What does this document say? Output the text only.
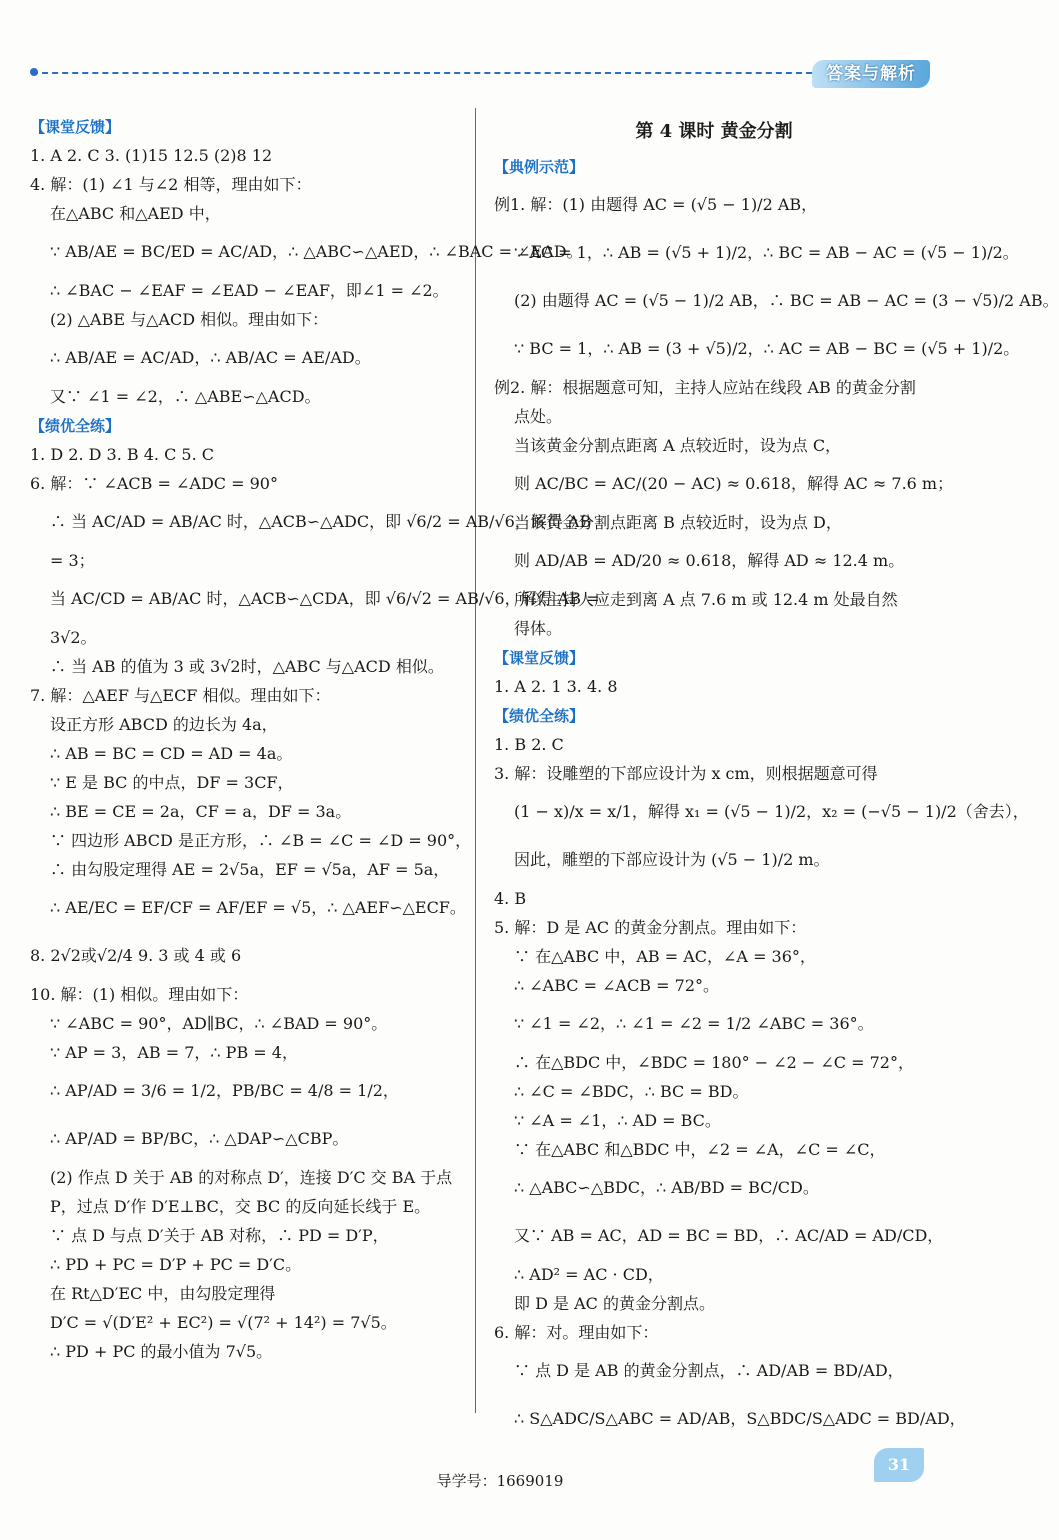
答案与解析
【课堂反馈】
1. A 2. C 3. (1)15 12.5 (2)8 12
4. 解：(1) ∠1 与∠2 相等，理由如下：
在△ABC 和△AED 中，
∵ AB/AE = BC/ED = AC/AD，∴ △ABC∽△AED，∴ ∠BAC = ∠EAD。
∴ ∠BAC − ∠EAF = ∠EAD − ∠EAF，即∠1 = ∠2。
(2) △ABE 与△ACD 相似。理由如下：
∴ AB/AE = AC/AD，∴ AB/AC = AE/AD。
又∵ ∠1 = ∠2，∴ △ABE∽△ACD。
【绩优全练】
1. D 2. D 3. B 4. C 5. C
6. 解：∵ ∠ACB = ∠ADC = 90°
∴ 当 AC/AD = AB/AC 时，△ACB∽△ADC，即 √6/2 = AB/√6，解得 AB
= 3；
当 AC/CD = AB/AC 时，△ACB∽△CDA，即 √6/√2 = AB/√6，解得 AB =
3√2。
∴ 当 AB 的值为 3 或 3√2时，△ABC 与△ACD 相似。
7. 解：△AEF 与△ECF 相似。理由如下：
设正方形 ABCD 的边长为 4a，
∴ AB = BC = CD = AD = 4a。
∵ E 是 BC 的中点，DF = 3CF，
∴ BE = CE = 2a，CF = a，DF = 3a。
∵ 四边形 ABCD 是正方形，∴ ∠B = ∠C = ∠D = 90°，
∴ 由勾股定理得 AE = 2√5a，EF = √5a，AF = 5a，
∴ AE/EC = EF/CF = AF/EF = √5，∴ △AEF∽△ECF。
8. 2√2或√2/4 9. 3 或 4 或 6
10. 解：(1) 相似。理由如下：
∵ ∠ABC = 90°，AD∥BC，∴ ∠BAD = 90°。
∵ AP = 3，AB = 7，∴ PB = 4，
∴ AP/AD = 3/6 = 1/2，PB/BC = 4/8 = 1/2，
∴ AP/AD = BP/BC，∴ △DAP∽△CBP。
(2) 作点 D 关于 AB 的对称点 D′，连接 D′C 交 BA 于点
P，过点 D′作 D′E⊥BC，交 BC 的反向延长线于 E。
∵ 点 D 与点 D′关于 AB 对称，∴ PD = D′P，
∴ PD + PC = D′P + PC = D′C。
在 Rt△D′EC 中，由勾股定理得
D′C = √(D′E² + EC²) = √(7² + 14²) = 7√5。
∴ PD + PC 的最小值为 7√5。
第 4 课时 黄金分割
【典例示范】
例1. 解：(1) 由题得 AC = (√5 − 1)/2 AB，
∵ AC = 1，∴ AB = (√5 + 1)/2，∴ BC = AB − AC = (√5 − 1)/2。
(2) 由题得 AC = (√5 − 1)/2 AB，∴ BC = AB − AC = (3 − √5)/2 AB。
∵ BC = 1，∴ AB = (3 + √5)/2，∴ AC = AB − BC = (√5 + 1)/2。
例2. 解：根据题意可知，主持人应站在线段 AB 的黄金分割
点处。
当该黄金分割点距离 A 点较近时，设为点 C，
则 AC/BC = AC/(20 − AC) ≈ 0.618，解得 AC ≈ 7.6 m；
当该黄金分割点距离 B 点较近时，设为点 D，
则 AD/AB = AD/20 ≈ 0.618，解得 AD ≈ 12.4 m。
所以主持人应走到离 A 点 7.6 m 或 12.4 m 处最自然
得体。
【课堂反馈】
1. A 2. 1 3. 4. 8
【绩优全练】
1. B 2. C
3. 解：设雕塑的下部应设计为 x cm，则根据题意可得
(1 − x)/x = x/1，解得 x₁ = (√5 − 1)/2，x₂ = (−√5 − 1)/2（舍去），
因此，雕塑的下部应设计为 (√5 − 1)/2 m。
4. B
5. 解：D 是 AC 的黄金分割点。理由如下：
∵ 在△ABC 中，AB = AC，∠A = 36°，
∴ ∠ABC = ∠ACB = 72°。
∵ ∠1 = ∠2，∴ ∠1 = ∠2 = 1/2 ∠ABC = 36°。
∴ 在△BDC 中，∠BDC = 180° − ∠2 − ∠C = 72°，
∴ ∠C = ∠BDC，∴ BC = BD。
∵ ∠A = ∠1，∴ AD = BC。
∵ 在△ABC 和△BDC 中，∠2 = ∠A，∠C = ∠C，
∴ △ABC∽△BDC，∴ AB/BD = BC/CD。
又∵ AB = AC，AD = BC = BD，∴ AC/AD = AD/CD，
∴ AD² = AC · CD，
即 D 是 AC 的黄金分割点。
6. 解：对。理由如下：
∵ 点 D 是 AB 的黄金分割点，∴ AD/AB = BD/AD，
∴ S△ADC/S△ABC = AD/AB，S△BDC/S△ADC = BD/AD，
31
导学号：1669019
